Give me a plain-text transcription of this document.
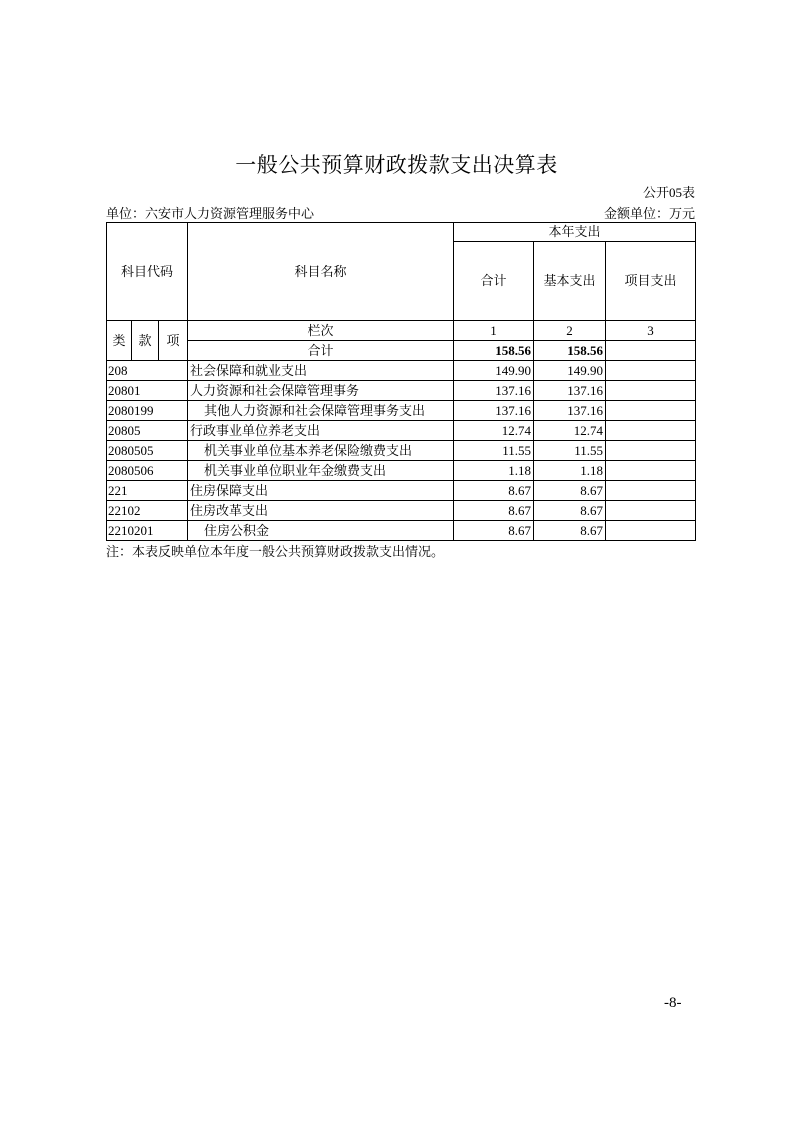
一般公共预算财政拨款支出决算表
公开05表
单位：六安市人力资源管理服务中心	金额单位：万元
科目代码			科目名称	本年支出		
				合计	基本支出	项目支出
类	款	项	栏次	1	2	3
			合计	158.56	158.56	
208			社会保障和就业支出	149.90	149.90	
20801			人力资源和社会保障管理事务	137.16	137.16	
2080199			其他人力资源和社会保障管理事务支出	137.16	137.16	
20805			行政事业单位养老支出	12.74	12.74	
2080505			机关事业单位基本养老保险缴费支出	11.55	11.55	
2080506			机关事业单位职业年金缴费支出	1.18	1.18	
221			住房保障支出	8.67	8.67	
22102			住房改革支出	8.67	8.67	
2210201			住房公积金	8.67	8.67	
注：本表反映单位本年度一般公共预算财政拨款支出情况。
-8-
